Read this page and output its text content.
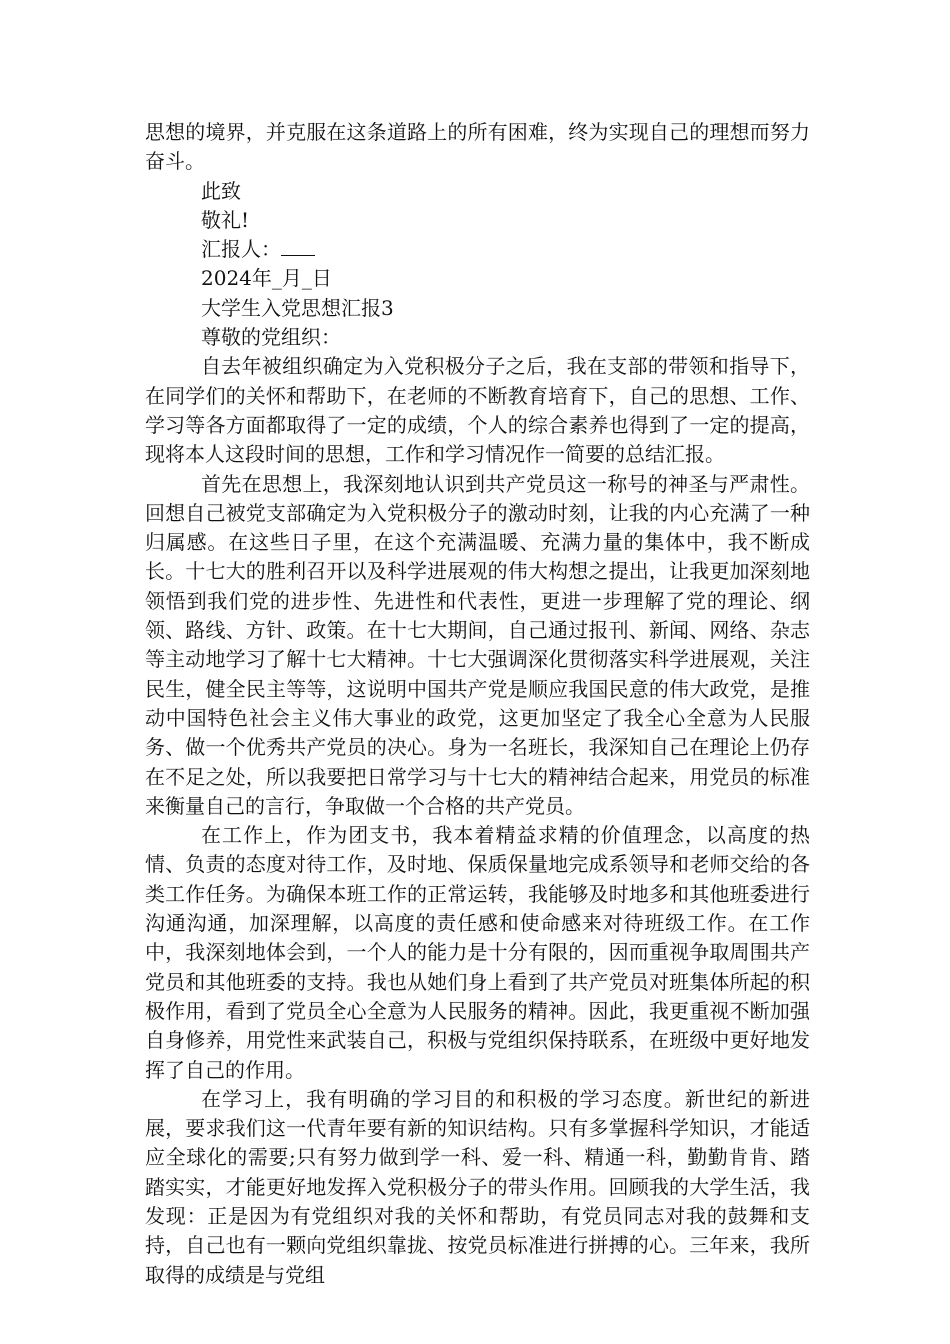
思想的境界，并克服在这条道路上的所有困难，终为实现自己的理想而努力奋斗。

此致

敬礼!

汇报人：

2024年_月_日

大学生入党思想汇报3

尊敬的党组织：

自去年被组织确定为入党积极分子之后，我在支部的带领和指导下，在同学们的关怀和帮助下，在老师的不断教育培育下，自己的思想、工作、学习等各方面都取得了一定的成绩，个人的综合素养也得到了一定的提高，现将本人这段时间的思想，工作和学习情况作一简要的总结汇报。

首先在思想上，我深刻地认识到共产党员这一称号的神圣与严肃性。回想自己被党支部确定为入党积极分子的激动时刻，让我的内心充满了一种归属感。在这些日子里，在这个充满温暖、充满力量的集体中，我不断成长。十七大的胜利召开以及科学进展观的伟大构想之提出，让我更加深刻地领悟到我们党的进步性、先进性和代表性，更进一步理解了党的理论、纲领、路线、方针、政策。在十七大期间，自己通过报刊、新闻、网络、杂志等主动地学习了解十七大精神。十七大强调深化贯彻落实科学进展观，关注民生，健全民主等等，这说明中国共产党是顺应我国民意的伟大政党，是推动中国特色社会主义伟大事业的政党，这更加坚定了我全心全意为人民服务、做一个优秀共产党员的决心。身为一名班长，我深知自己在理论上仍存在不足之处，所以我要把日常学习与十七大的精神结合起来，用党员的标准来衡量自己的言行，争取做一个合格的共产党员。

在工作上，作为团支书，我本着精益求精的价值理念，以高度的热情、负责的态度对待工作，及时地、保质保量地完成系领导和老师交给的各类工作任务。为确保本班工作的正常运转，我能够及时地多和其他班委进行沟通沟通，加深理解，以高度的责任感和使命感来对待班级工作。在工作中，我深刻地体会到，一个人的能力是十分有限的，因而重视争取周围共产党员和其他班委的支持。我也从她们身上看到了共产党员对班集体所起的积极作用，看到了党员全心全意为人民服务的精神。因此，我更重视不断加强自身修养，用党性来武装自己，积极与党组织保持联系，在班级中更好地发挥了自己的作用。

在学习上，我有明确的学习目的和积极的学习态度。新世纪的新进展，要求我们这一代青年要有新的知识结构。只有多掌握科学知识，才能适应全球化的需要;只有努力做到学一科、爱一科、精通一科，勤勤肯肯、踏踏实实，才能更好地发挥入党积极分子的带头作用。回顾我的大学生活，我发现：正是因为有党组织对我的关怀和帮助，有党员同志对我的鼓舞和支持，自己也有一颗向党组织靠拢、按党员标准进行拼搏的心。三年来，我所取得的成绩是与党组
